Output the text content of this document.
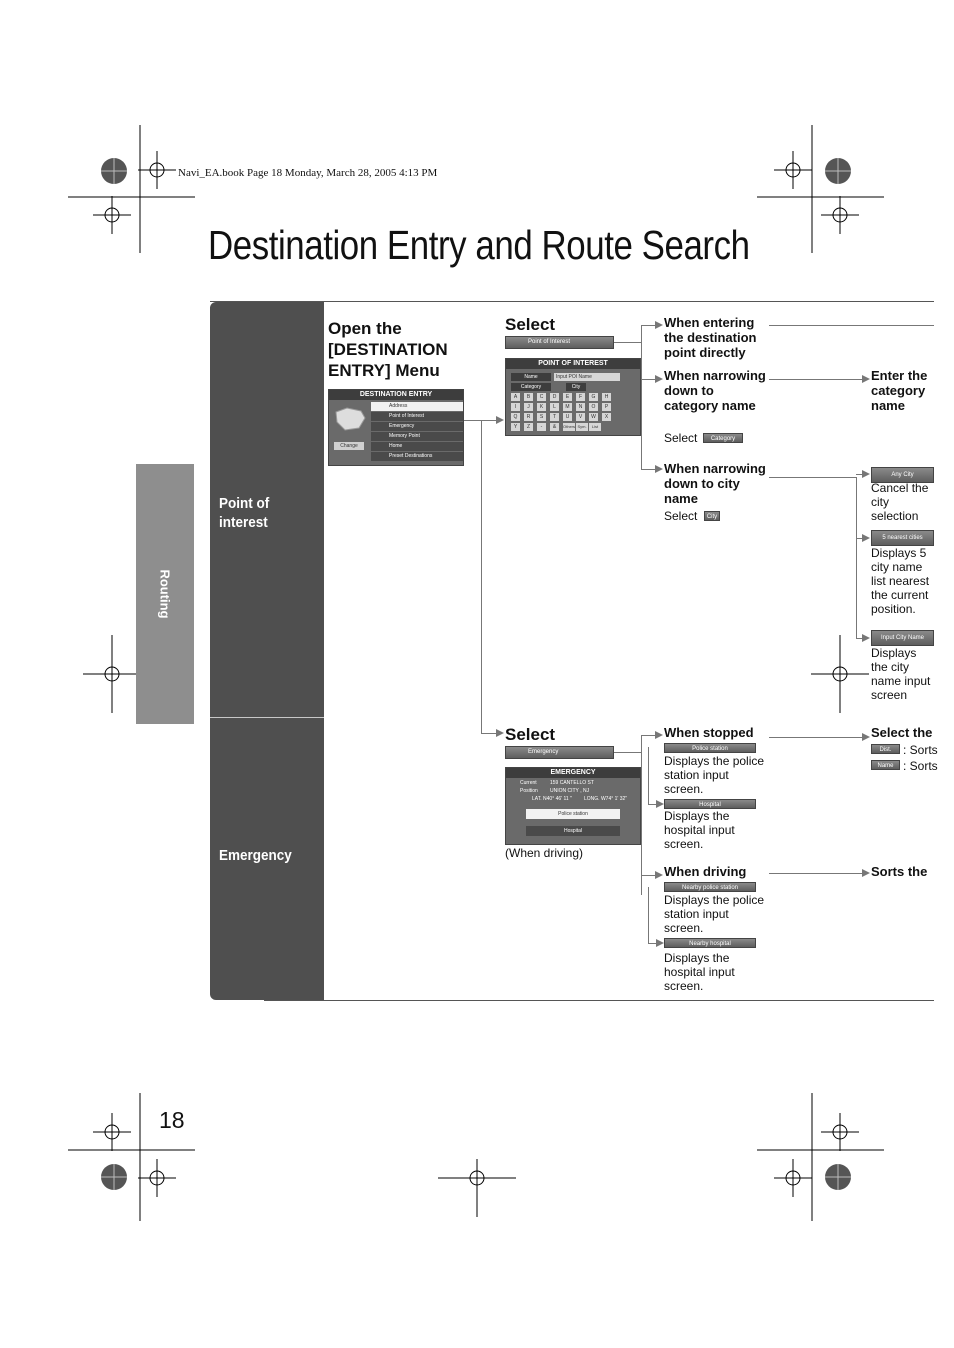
Navi_EA.book Page 18 Monday, March 28, 2005 4:13 PM
Destination Entry and Route Search
Routing
Point of interest
Emergency
Open the [DESTINATION ENTRY] Menu
DESTINATION ENTRY
Change
Address
Point of Interest
Emergency
Memory Point
Home
Preset Destinations
Select
Point of Interest
POINT OF INTEREST
Name	Input POI Name
Category	City
A	B	C	D	E	F	G	H
I	J	K	L	M	N	O	P
Q	R	S	T	U	V	W	X
Y	Z	-	&	Others Sym.	List
When entering the destination point directly
When narrowing down to category name
Select	Category
When narrowing down to city name
Select	City
Enter the category name
Any City
Cancel the city selection
5 nearest cities
Displays 5 city name list nearest the current position.
Input City Name
Displays the city name input screen
Select
Emergency
EMERGENCY
Current	159 CANTELLO ST
Position UNION CITY , NJ
LAT. N40° 46' 11 " LONG. W74° 1' 32"
Police station
Hospital
(When driving)
When stopped
Police station
Displays the police station input screen.
Hospital
Displays the hospital input screen.
When driving
Nearby police station
Displays the police station input screen.
Nearby hospital
Displays the hospital input screen.
Select the
Dist. : Sorts
Name : Sorts
Sorts the
18
